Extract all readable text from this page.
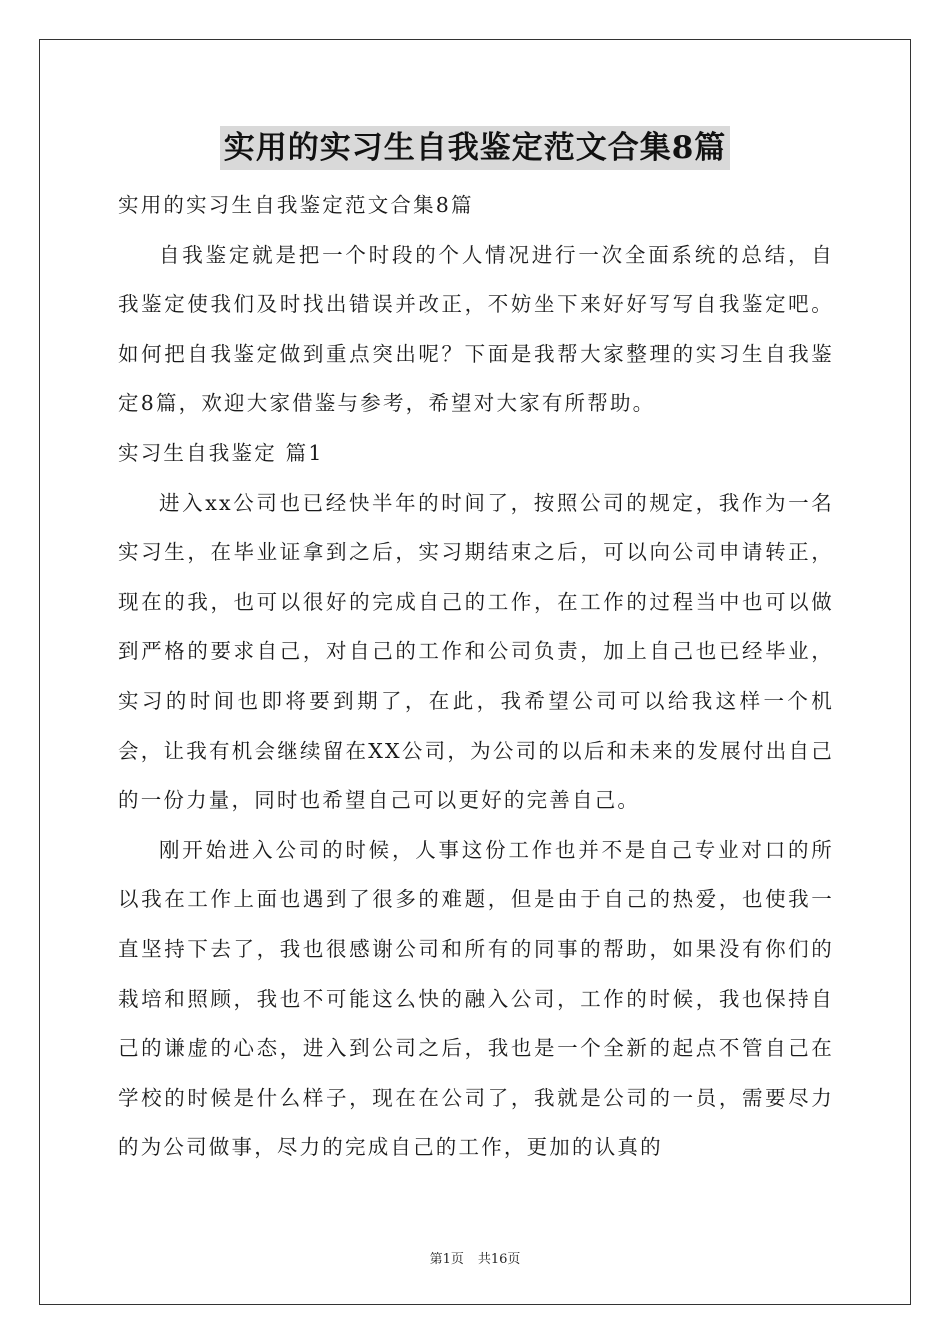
实用的实习生自我鉴定范文合集8篇

实用的实习生自我鉴定范文合集8篇

自我鉴定就是把一个时段的个人情况进行一次全面系统的总结，自我鉴定使我们及时找出错误并改正，不妨坐下来好好写写自我鉴定吧。如何把自我鉴定做到重点突出呢？下面是我帮大家整理的实习生自我鉴定8篇，欢迎大家借鉴与参考，希望对大家有所帮助。

实习生自我鉴定 篇1

进入xx公司也已经快半年的时间了，按照公司的规定，我作为一名实习生，在毕业证拿到之后，实习期结束之后，可以向公司申请转正，现在的我，也可以很好的完成自己的工作，在工作的过程当中也可以做到严格的要求自己，对自己的工作和公司负责，加上自己也已经毕业，实习的时间也即将要到期了，在此，我希望公司可以给我这样一个机会，让我有机会继续留在XX公司，为公司的以后和未来的发展付出自己的一份力量，同时也希望自己可以更好的完善自己。

刚开始进入公司的时候，人事这份工作也并不是自己专业对口的所以我在工作上面也遇到了很多的难题，但是由于自己的热爱，也使我一直坚持下去了，我也很感谢公司和所有的同事的帮助，如果没有你们的栽培和照顾，我也不可能这么快的融入公司，工作的时候，我也保持自己的谦虚的心态，进入到公司之后，我也是一个全新的起点不管自己在学校的时候是什么样子，现在在公司了，我就是公司的一员，需要尽力的为公司做事，尽力的完成自己的工作，更加的认真的

第1页 共16页
